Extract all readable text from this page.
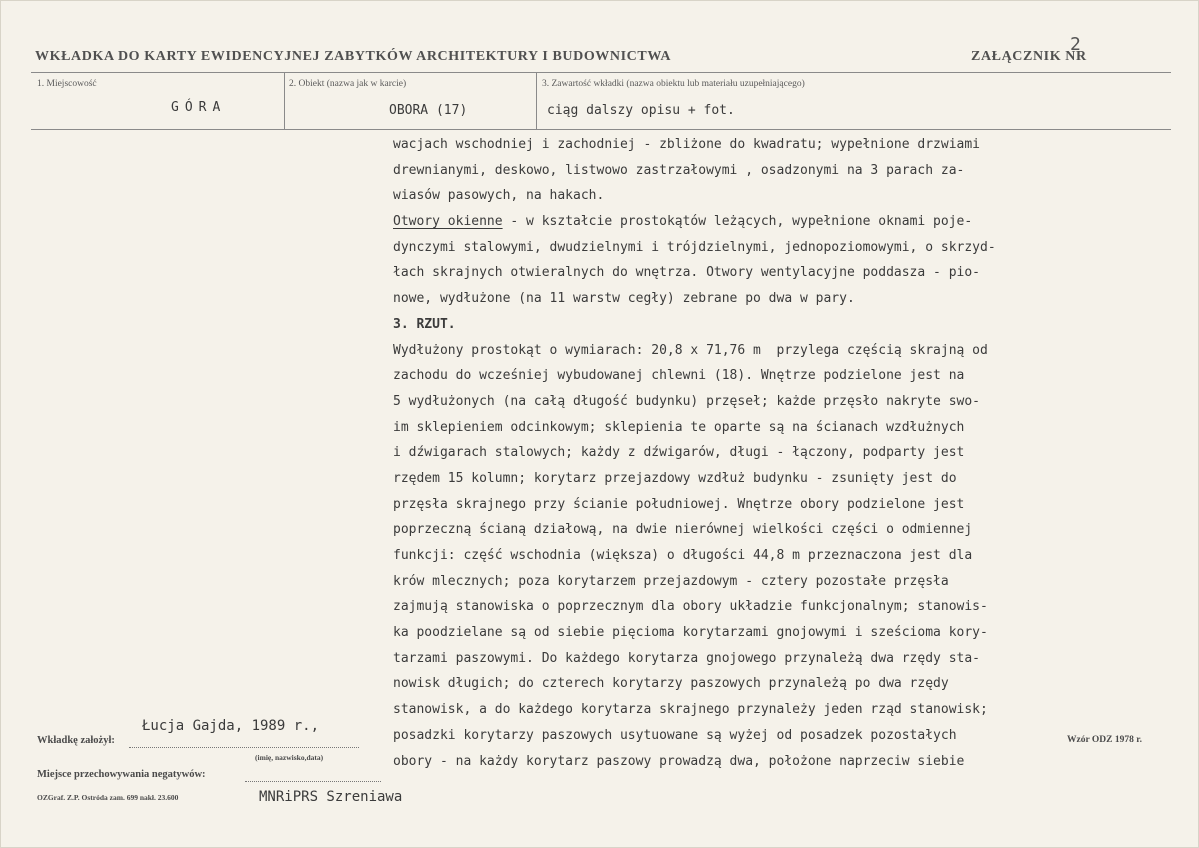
WKŁADKA DO KARTY EWIDENCYJNEJ ZABYTKÓW ARCHITEKTURY I BUDOWNICTWA	ZAŁĄCZNIK NR
2
1. Miejscowość
GÓRA
2. Obiekt (nazwa jak w karcie)
OBORA (17)
3. Zawartość wkładki (nazwa obiektu lub materiału uzupełniającego)
ciąg dalszy opisu + fot.
wacjach wschodniej i zachodniej - zbliżone do kwadratu; wypełnione drzwiami
drewnianymi, deskowo, listwowo zastrzałowymi , osadzonymi na 3 parach za-
wiasów pasowych, na hakach.
Otwory okienne - w kształcie prostokątów leżących, wypełnione oknami poje-
dynczymi stalowymi, dwudzielnymi i trójdzielnymi, jednopoziomowymi, o skrzyd-
łach skrajnych otwieralnych do wnętrza. Otwory wentylacyjne poddasza - pio-
nowe, wydłużone (na 11 warstw cegły) zebrane po dwa w pary.
3. RZUT.
Wydłużony prostokąt o wymiarach: 20,8 x 71,76 m  przylega częścią skrajną od
zachodu do wcześniej wybudowanej chlewni (18). Wnętrze podzielone jest na
5 wydłużonych (na całą długość budynku) przęseł; każde przęsło nakryte swo-
im sklepieniem odcinkowym; sklepienia te oparte są na ścianach wzdłużnych
i dźwigarach stalowych; każdy z dźwigarów, długi - łączony, podparty jest
rzędem 15 kolumn; korytarz przejazdowy wzdłuż budynku - zsunięty jest do
przęsła skrajnego przy ścianie południowej. Wnętrze obory podzielone jest
poprzeczną ścianą działową, na dwie nierównej wielkości części o odmiennej
funkcji: część wschodnia (większa) o długości 44,8 m przeznaczona jest dla
krów mlecznych; poza korytarzem przejazdowym - cztery pozostałe przęsła
zajmują stanowiska o poprzecznym dla obory układzie funkcjonalnym; stanowis-
ka poodzielane są od siebie pięcioma korytarzami gnojowymi i sześcioma kory-
tarzami paszowymi. Do każdego korytarza gnojowego przynależą dwa rzędy sta-
nowisk długich; do czterech korytarzy paszowych przynależą po dwa rzędy
stanowisk, a do każdego korytarza skrajnego przynależy jeden rząd stanowisk;
posadzki korytarzy paszowych usytuowane są wyżej od posadzek pozostałych
obory - na każdy korytarz paszowy prowadzą dwa, położone naprzeciw siebie
Wkładkę założył:
Łucja Gajda, 1989 r.,
(imię, nazwisko,data)
Miejsce przechowywania negatywów:
OZGraf. Z.P. Ostróda zam. 699 nakł. 23.600	MNRiPRS Szreniawa
Wzór ODZ 1978 r.
